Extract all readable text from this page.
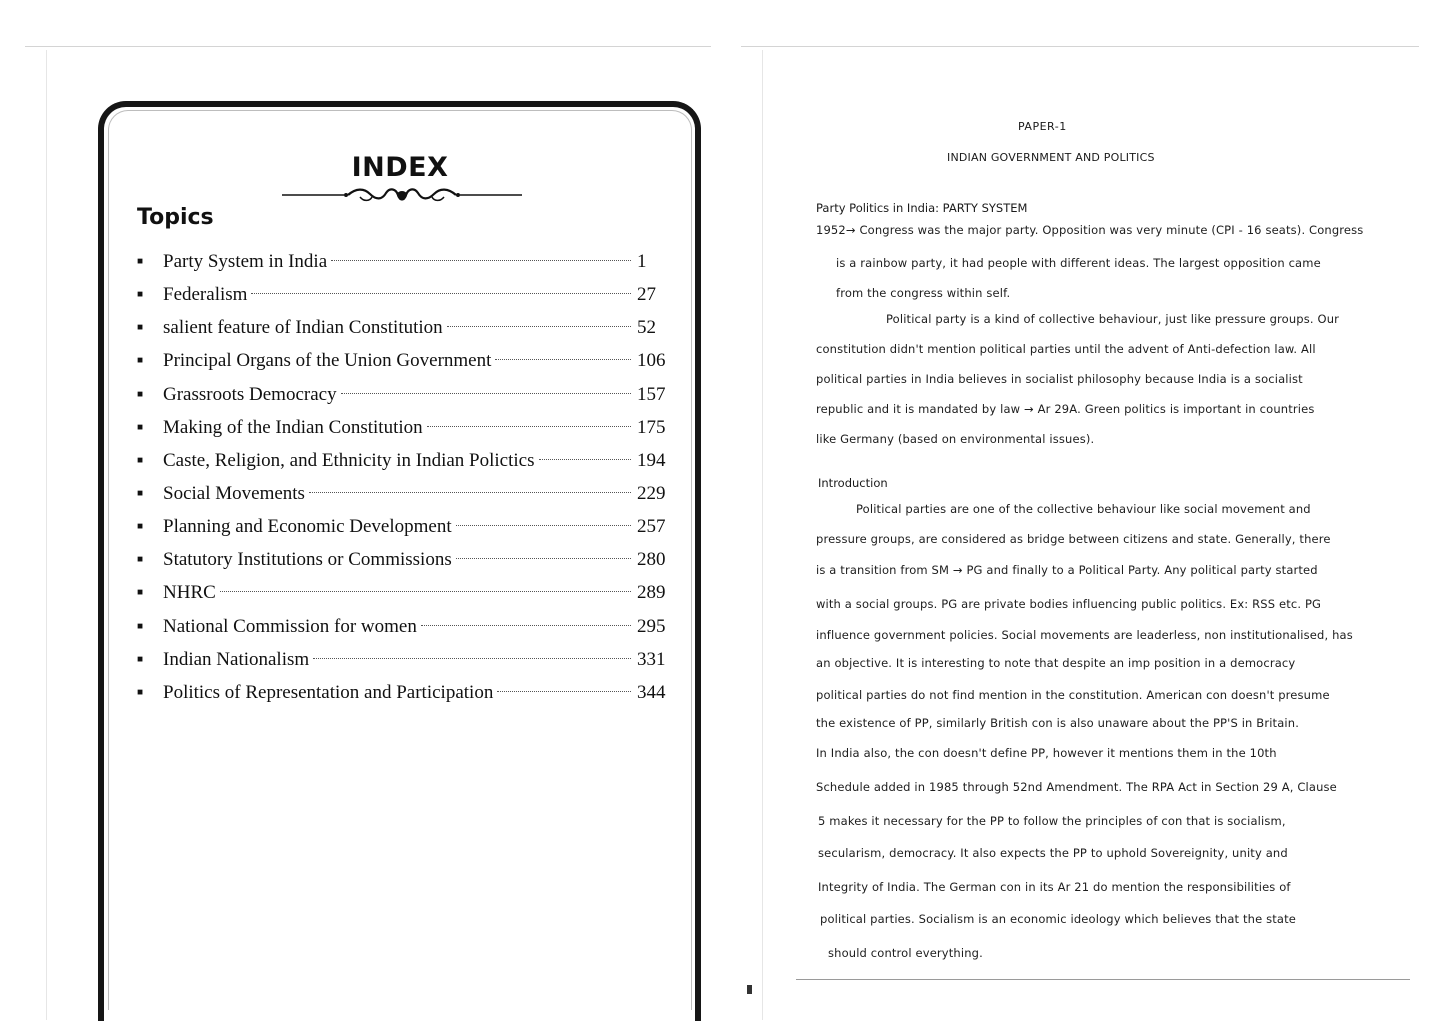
INDEX
Topics
■	Party System in India	1
■	Federalism	27
■	salient feature of Indian Constitution	52
■	Principal Organs of the Union Government	106
■	Grassroots Democracy	157
■	Making of the Indian Constitution	175
■	Caste, Religion, and Ethnicity in Indian Polictics	194
■	Social Movements	229
■	Planning and Economic Development	257
■	Statutory Institutions or Commissions	280
■	NHRC	289
■	National Commission for women	295
■	Indian Nationalism	331
■	Politics of Representation and Participation	344
PAPER-1
INDIAN GOVERNMENT AND POLITICS
Party Politics in India: PARTY SYSTEM
1952→ Congress was the major party. Opposition was very minute (CPI - 16 seats). Congress
is a rainbow party, it had people with different ideas. The largest opposition came
from the congress within self.
Political party is a kind of collective behaviour, just like pressure groups. Our
constitution didn't mention political parties until the advent of Anti-defection law. All
political parties in India believes in socialist philosophy because India is a socialist
republic and it is mandated by law → Ar 29A. Green politics is important in countries
like Germany (based on environmental issues).
Introduction
Political parties are one of the collective behaviour like social movement and
pressure groups, are considered as bridge between citizens and state. Generally, there
is a transition from SM → PG and finally to a Political Party. Any political party started
with a social groups. PG are private bodies influencing public politics. Ex: RSS etc. PG
influence government policies. Social movements are leaderless, non institutionalised, has
an objective. It is interesting to note that despite an imp position in a democracy
political parties do not find mention in the constitution. American con doesn't presume
the existence of PP, similarly British con is also unaware about the PP'S in Britain.
In India also, the con doesn't define PP, however it mentions them in the 10th
Schedule added in 1985 through 52nd Amendment. The RPA Act in Section 29 A, Clause
5 makes it necessary for the PP to follow the principles of con that is socialism,
secularism, democracy. It also expects the PP to uphold Sovereignity, unity and
Integrity of India. The German con in its Ar 21 do mention the responsibilities of
political parties. Socialism is an economic ideology which believes that the state
should control everything.
